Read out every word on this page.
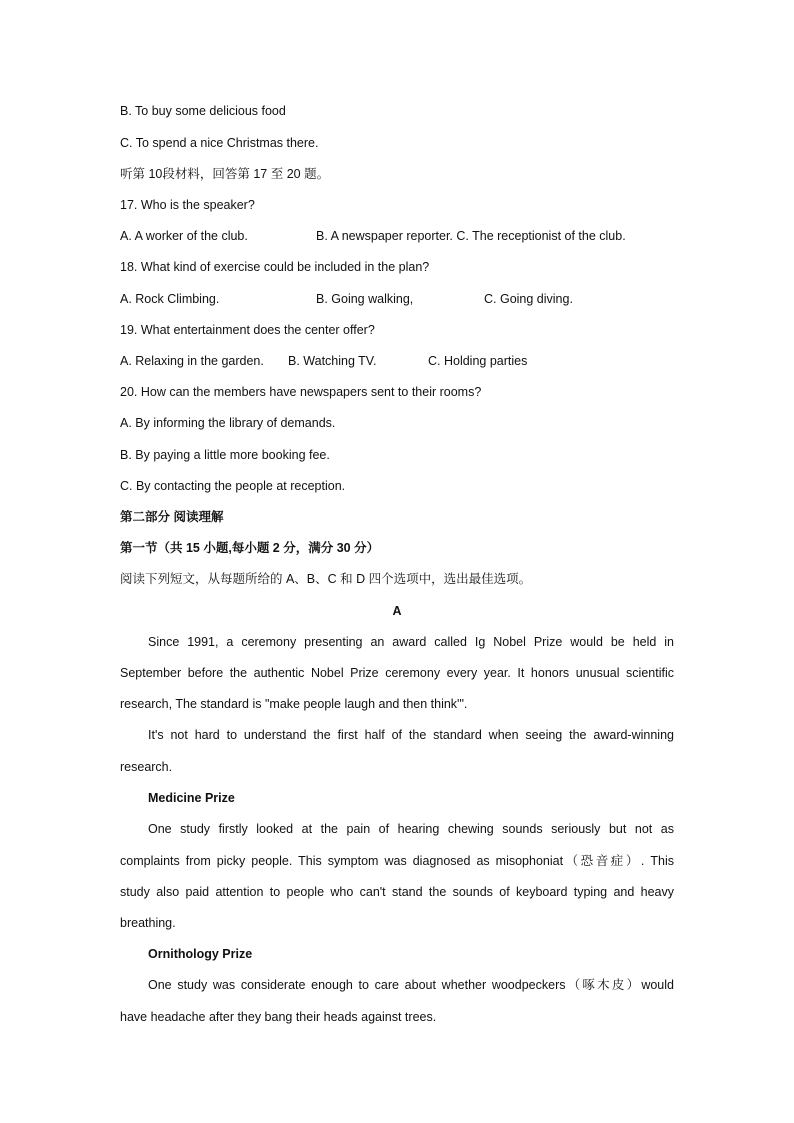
B. To buy some delicious food
C. To spend a nice Christmas there.
听第 10段材料，回答第 17 至 20 题。
17. Who is the speaker?
A. A worker of the club.	B. A newspaper reporter. C. The receptionist of the club.
18. What kind of exercise could be included in the plan?
A. Rock Climbing.	B. Going walking,	C. Going diving.
19. What entertainment does the center offer?
A. Relaxing in the garden. B. Watching TV.	C. Holding parties
20. How can the members have newspapers sent to their rooms?
A. By informing the library of demands.
B. By paying a little more booking fee.
C. By contacting the people at reception.
第二部分 阅读理解
第一节（共 15 小题,每小题 2 分，满分 30 分）
阅读下列短文，从每题所给的 A、B、C 和 D 四个选项中，选出最佳选项。
A
Since 1991, a ceremony presenting an award called Ig Nobel Prize would be held in
September before the authentic Nobel Prize ceremony every year. It honors unusual scientific
research, The standard is "make people laugh and then think'".
It's not hard to understand the first half of the standard when seeing the award-winning
research.
Medicine Prize
One study firstly looked at the pain of hearing chewing sounds seriously but not as
complaints from picky people. This symptom was diagnosed as misophoniat（恐音症）. This
study also paid attention to people who can't stand the sounds of keyboard typing and heavy
breathing.
Ornithology Prize
One study was considerate enough to care about whether woodpeckers（啄木皮）would
have headache after they bang their heads against trees.
